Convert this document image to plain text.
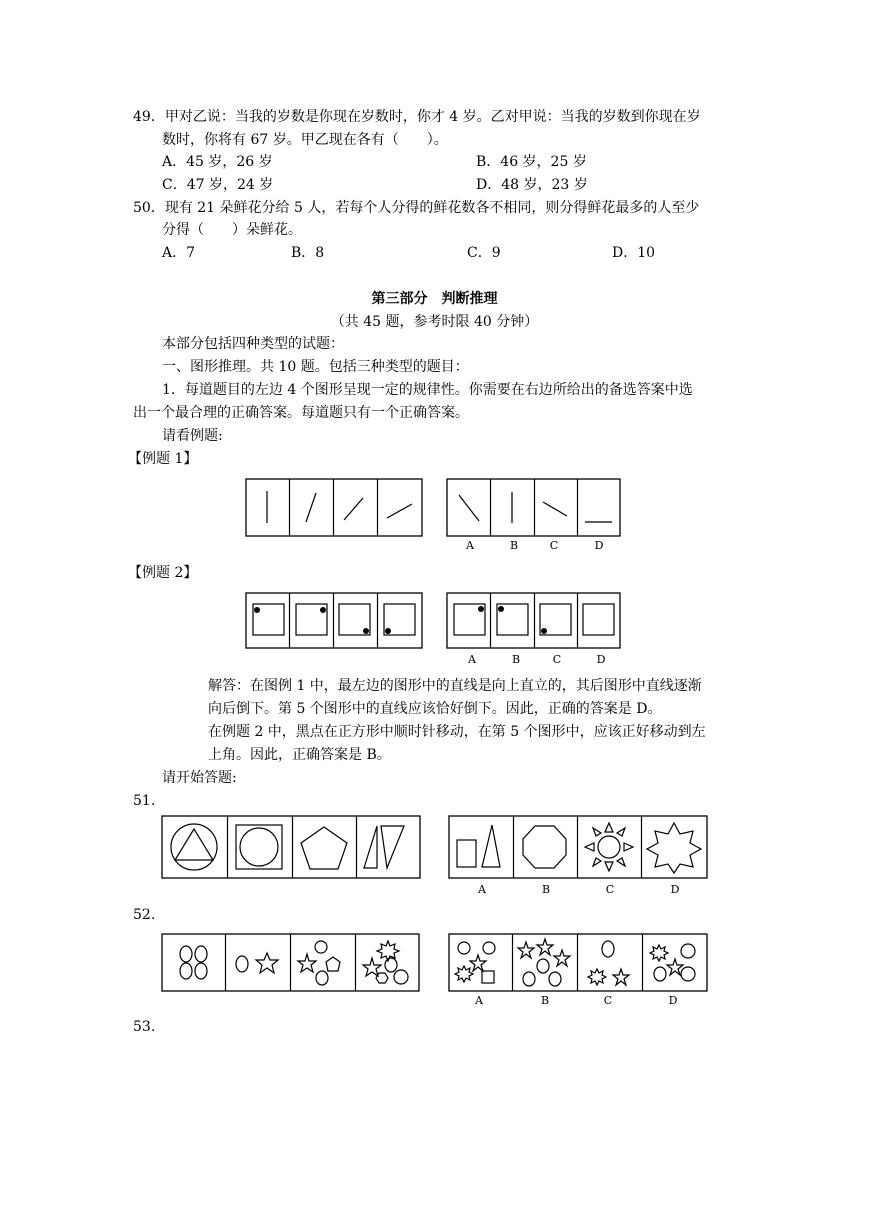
49．甲对乙说：当我的岁数是你现在岁数时，你才 4 岁。乙对甲说：当我的岁数到你现在岁
数时，你将有 67 岁。甲乙现在各有（　　）。
A．45 岁，26 岁	B．46 岁，25 岁
C．47 岁，24 岁	D．48 岁，23 岁
50．现有 21 朵鲜花分给 5 人，若每个人分得的鲜花数各不相同，则分得鲜花最多的人至少
分得（　　）朵鲜花。
A．7	B．8	C．9	D．10
第三部分　判断推理
（共 45 题，参考时限 40 分钟）
本部分包括四种类型的试题：
一、图形推理。共 10 题。包括三种类型的题目：
1．每道题目的左边 4 个图形呈现一定的规律性。你需要在右边所给出的备选答案中选
出一个最合理的正确答案。每道题只有一个正确答案。
请看例题:
【例题 1】
A	B	C	D
【例题 2】
A	B	C	D
解答：在图例 1 中，最左边的图形中的直线是向上直立的，其后图形中直线逐渐
向后倒下。第 5 个图形中的直线应该恰好倒下。因此，正确的答案是 D。
在例题 2 中，黑点在正方形中顺时针移动，在第 5 个图形中，应该正好移动到左
上角。因此，正确答案是 B。
请开始答题:
51.
A	B	C	D
52.
A	B	C	D
53.
